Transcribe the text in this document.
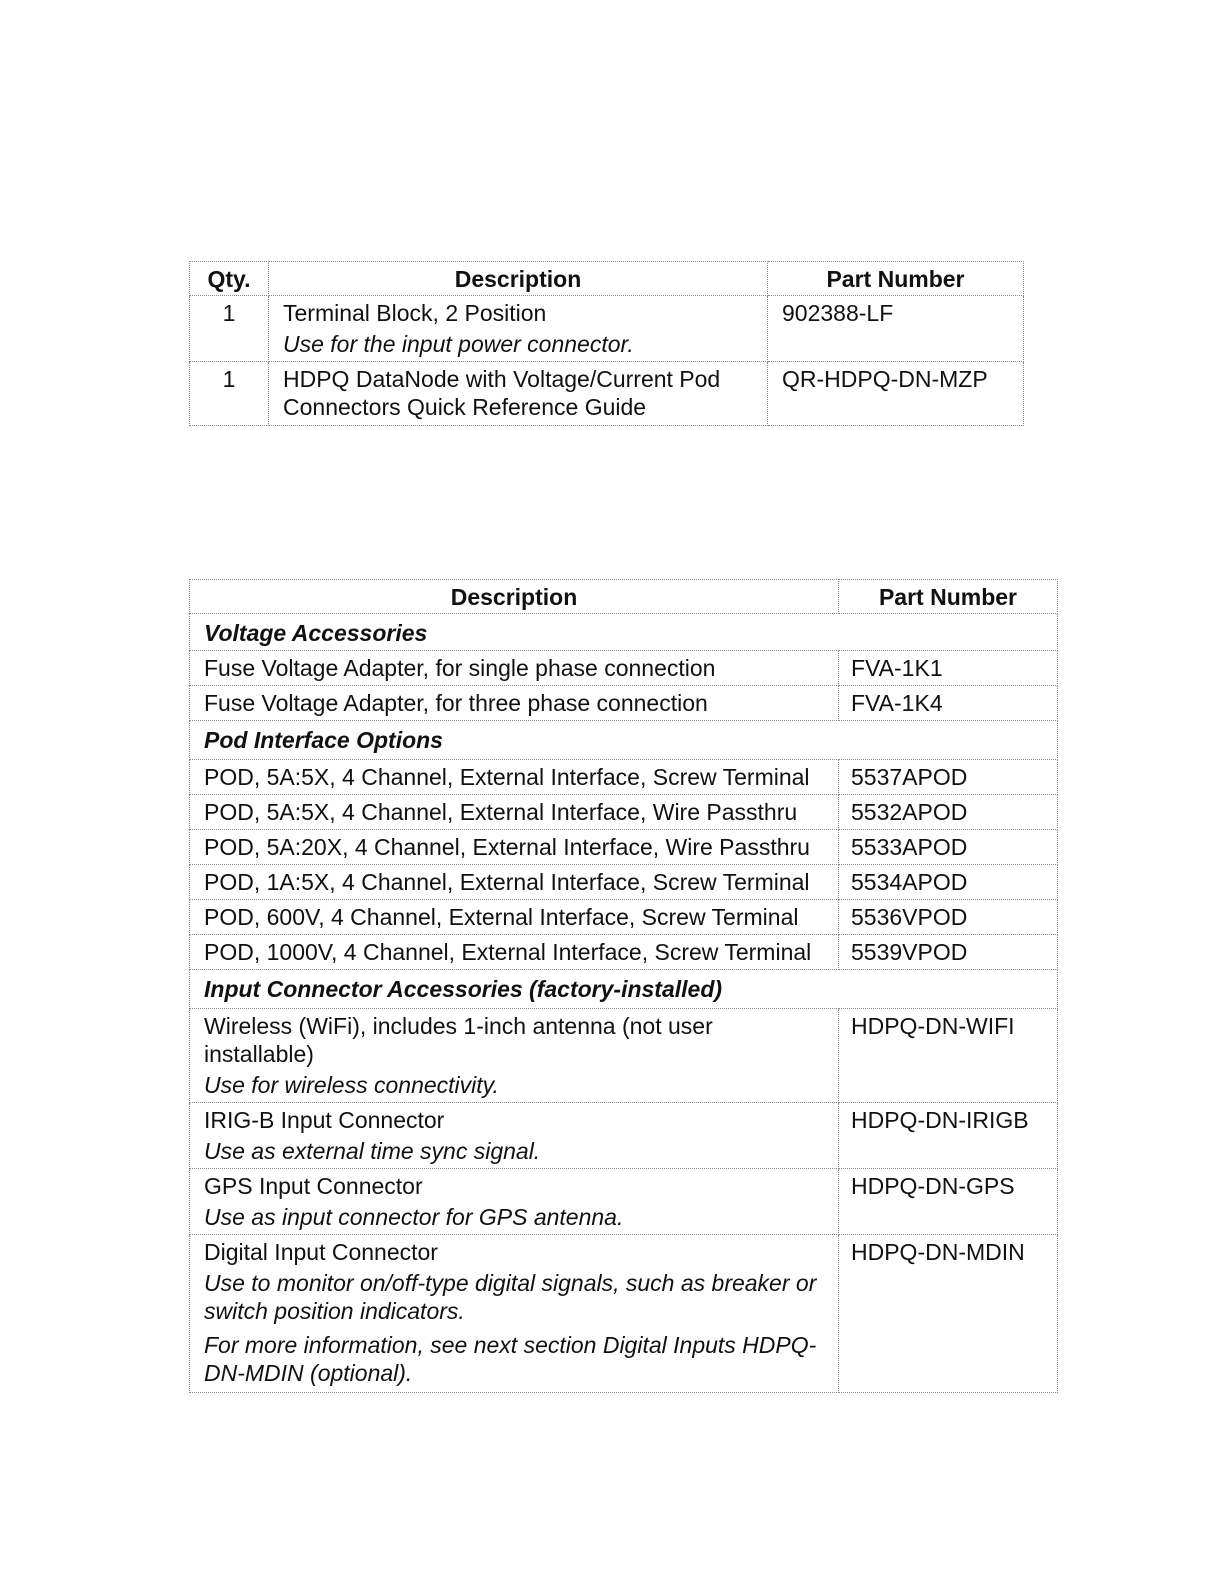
Qty.	Description	Part Number
1	Terminal Block, 2 Position
Use for the input power connector.	902388-LF
1	HDPQ DataNode with Voltage/Current Pod Connectors Quick Reference Guide	QR-HDPQ-DN-MZP
Description	Part Number
Voltage Accessories	
Fuse Voltage Adapter, for single phase connection	FVA-1K1
Fuse Voltage Adapter, for three phase connection	FVA-1K4
Pod Interface Options	
POD, 5A:5X, 4 Channel, External Interface, Screw Terminal	5537APOD
POD, 5A:5X, 4 Channel, External Interface, Wire Passthru	5532APOD
POD, 5A:20X, 4 Channel, External Interface, Wire Passthru	5533APOD
POD, 1A:5X, 4 Channel, External Interface, Screw Terminal	5534APOD
POD, 600V, 4 Channel, External Interface, Screw Terminal	5536VPOD
POD, 1000V, 4 Channel, External Interface, Screw Terminal	5539VPOD
Input Connector Accessories (factory-installed)	

Wireless (WiFi), includes 1-inch antenna (not user installable)
Use for wireless connectivity.	HDPQ-DN-WIFI

IRIG-B Input Connector
Use as external time sync signal.	HDPQ-DN-IRIGB

GPS Input Connector
Use as input connector for GPS antenna.	HDPQ-DN-GPS

Digital Input Connector
Use to monitor on/off-type digital signals, such as breaker or switch position indicators.
For more information, see next section Digital Inputs HDPQ-DN-MDIN (optional).	HDPQ-DN-MDIN
